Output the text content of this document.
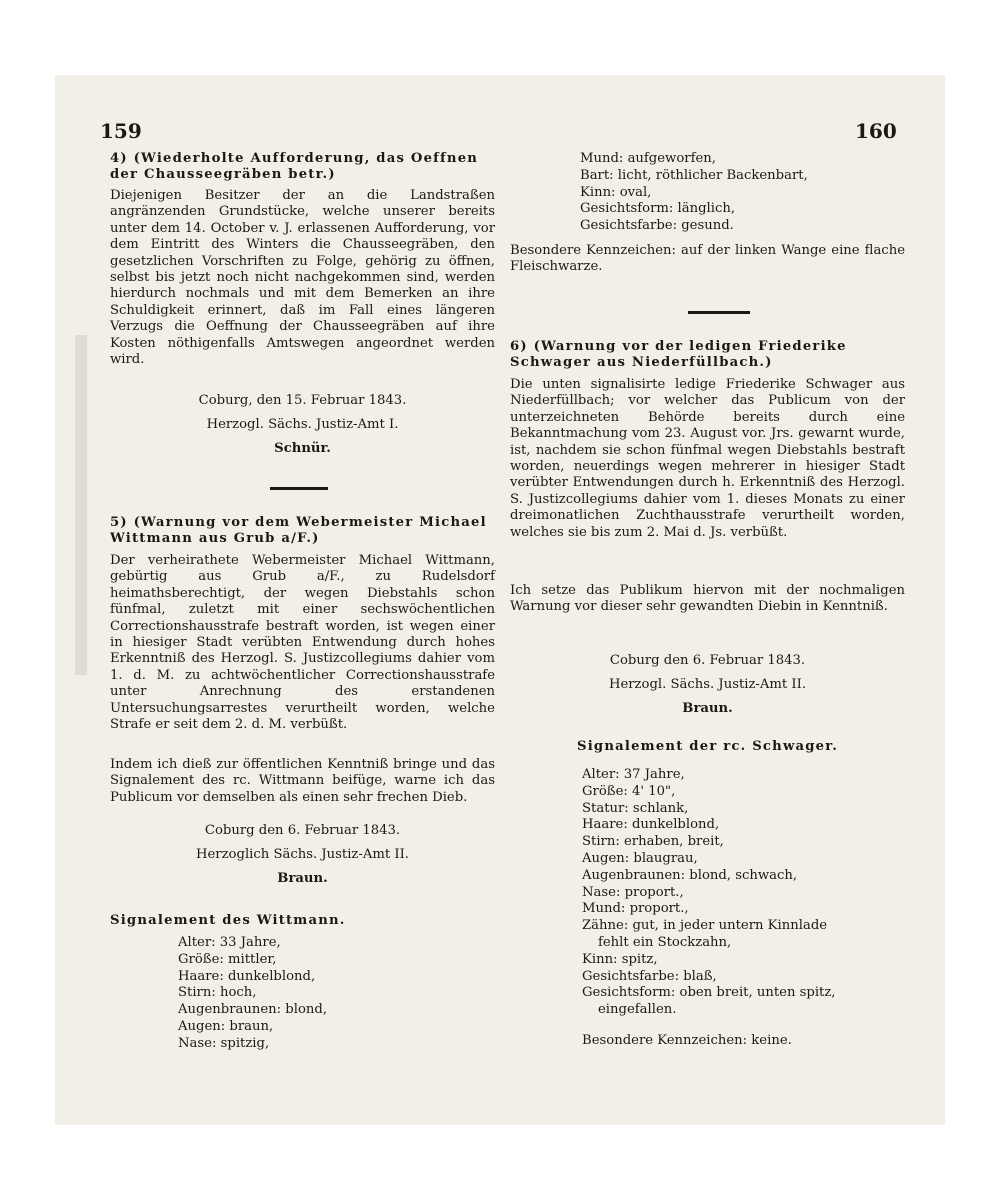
159	160

4) (Wiederholte Aufforderung, das Oeffnen der Chausseegräben betr.)

Diejenigen Besitzer der an die Landstraßen angränzenden Grundstücke, welche unserer bereits unter dem 14. October v. J. erlassenen Aufforderung, vor dem Eintritt des Winters die Chausseegräben, den gesetzlichen Vorschriften zu Folge, gehörig zu öffnen, selbst bis jetzt noch nicht nachgekommen sind, werden hierdurch nochmals und mit dem Bemerken an ihre Schuldigkeit erinnert, daß im Fall eines längeren Verzugs die Oeffnung der Chausseegräben auf ihre Kosten nöthigenfalls Amtswegen angeordnet werden wird.

Coburg, den 15. Februar 1843.

Herzogl. Sächs. Justiz-Amt I.

Schnür.

5) (Warnung vor dem Webermeister Michael Wittmann aus Grub a/F.)

Der verheirathete Webermeister Michael Wittmann, gebürtig aus Grub a/F., zu Rudelsdorf heimathsberechtigt, der wegen Diebstahls schon fünfmal, zuletzt mit einer sechswöchentlichen Correctionshausstrafe bestraft worden, ist wegen einer in hiesiger Stadt verübten Entwendung durch hohes Erkenntniß des Herzogl. S. Justizcollegiums dahier vom 1. d. M. zu achtwöchentlicher Correctionshausstrafe unter Anrechnung des erstandenen Untersuchungsarrestes verurtheilt worden, welche Strafe er seit dem 2. d. M. verbüßt.

Indem ich dieß zur öffentlichen Kenntniß bringe und das Signalement des rc. Wittmann beifüge, warne ich das Publicum vor demselben als einen sehr frechen Dieb.

Coburg den 6. Februar 1843.

Herzoglich Sächs. Justiz-Amt II.

Braun.

Signalement des Wittmann.

Alter: 33 Jahre,
Größe: mittler,
Haare: dunkelblond,
Stirn: hoch,
Augenbraunen: blond,
Augen: braun,
Nase: spitzig,
Mund: aufgeworfen,
Bart: licht, röthlicher Backenbart,
Kinn: oval,
Gesichtsform: länglich,
Gesichtsfarbe: gesund.

Besondere Kennzeichen: auf der linken Wange eine flache Fleischwarze.

6) (Warnung vor der ledigen Friederike Schwager aus Niederfüllbach.)

Die unten signalisirte ledige Friederike Schwager aus Niederfüllbach; vor welcher das Publicum von der unterzeichneten Behörde bereits durch eine Bekanntmachung vom 23. August vor. Jrs. gewarnt wurde, ist, nachdem sie schon fünfmal wegen Diebstahls bestraft worden, neuerdings wegen mehrerer in hiesiger Stadt verübter Entwendungen durch h. Erkenntniß des Herzogl. S. Justizcollegiums dahier vom 1. dieses Monats zu einer dreimonatlichen Zuchthausstrafe verurtheilt worden, welches sie bis zum 2. Mai d. Js. verbüßt.

Ich setze das Publikum hiervon mit der nochmaligen Warnung vor dieser sehr gewandten Diebin in Kenntniß.

Coburg den 6. Februar 1843.

Herzogl. Sächs. Justiz-Amt II.

Braun.

Signalement der rc. Schwager.

Alter: 37 Jahre,
Größe: 4' 10",
Statur: schlank,
Haare: dunkelblond,
Stirn: erhaben, breit,
Augen: blaugrau,
Augenbraunen: blond, schwach,
Nase: proport.,
Mund: proport.,
Zähne: gut, in jeder untern Kinnlade
fehlt ein Stockzahn,
Kinn: spitz,
Gesichtsfarbe: blaß,
Gesichtsform: oben breit, unten spitz,
eingefallen.

Besondere Kennzeichen: keine.
